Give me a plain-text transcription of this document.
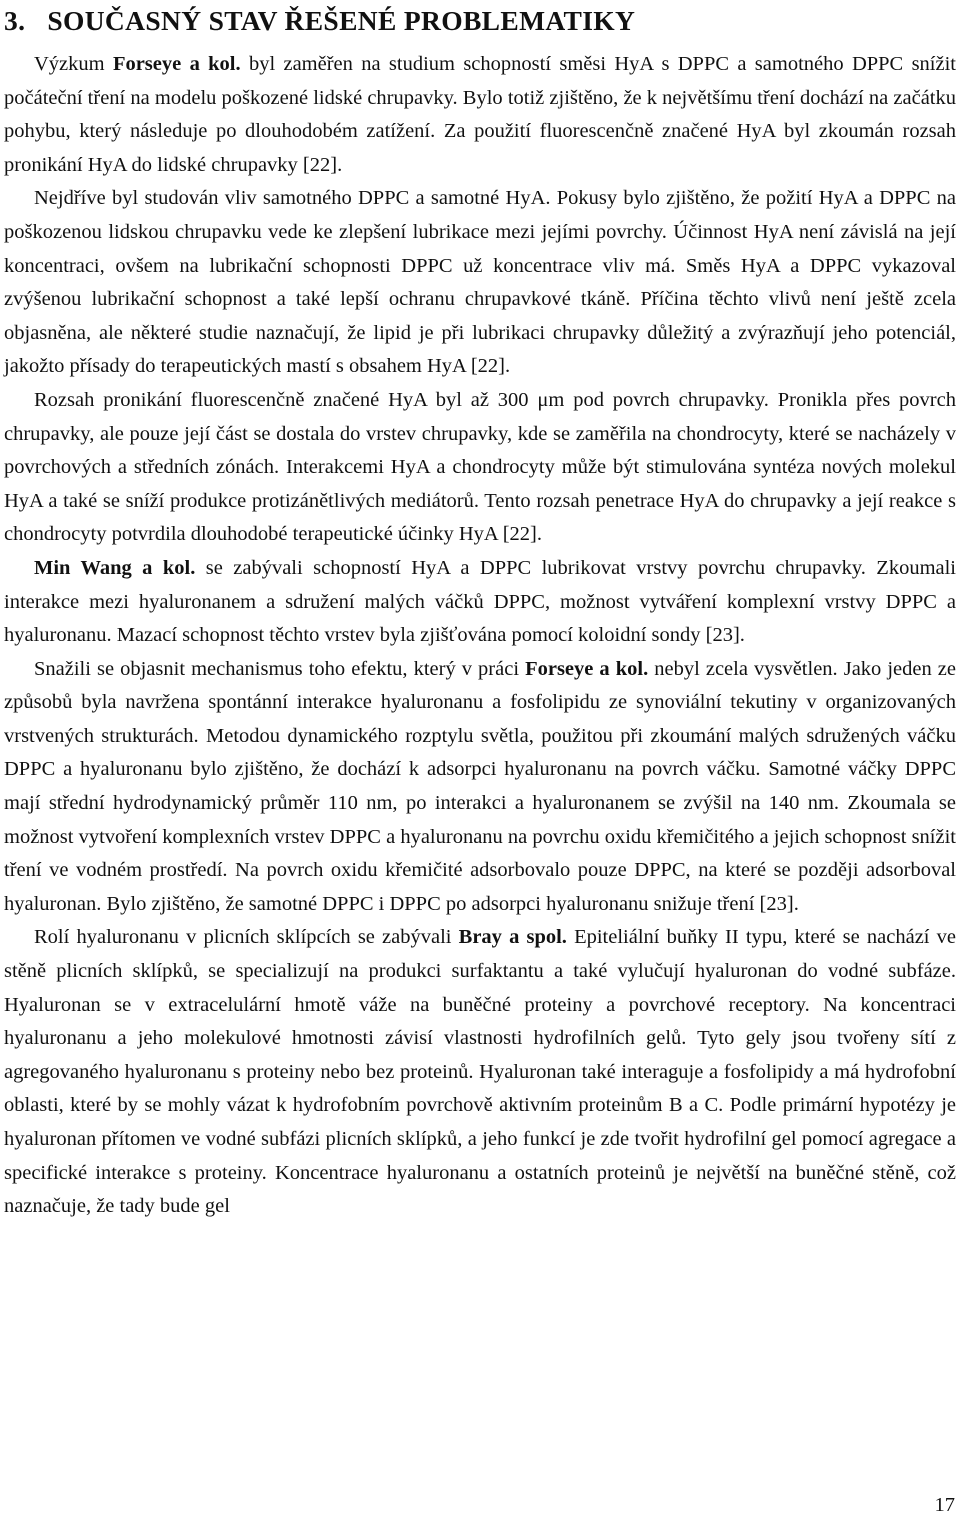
3. SOUČASNÝ STAV ŘEŠENÉ PROBLEMATIKY

Výzkum Forseye a kol. byl zaměřen na studium schopností směsi HyA s DPPC a samotného DPPC snížit počáteční tření na modelu poškozené lidské chrupavky. Bylo totiž zjištěno, že k největšímu tření dochází na začátku pohybu, který následuje po dlouhodobém zatížení. Za použití fluorescenčně značené HyA byl zkoumán rozsah pronikání HyA do lidské chrupavky [22].

Nejdříve byl studován vliv samotného DPPC a samotné HyA. Pokusy bylo zjištěno, že požití HyA a DPPC na poškozenou lidskou chrupavku vede ke zlepšení lubrikace mezi jejími povrchy. Účinnost HyA není závislá na její koncentraci, ovšem na lubrikační schopnosti DPPC už koncentrace vliv má. Směs HyA a DPPC vykazoval zvýšenou lubrikační schopnost a také lepší ochranu chrupavkové tkáně. Příčina těchto vlivů není ještě zcela objasněna, ale některé studie naznačují, že lipid je při lubrikaci chrupavky důležitý a zvýrazňují jeho potenciál, jakožto přísady do terapeutických mastí s obsahem HyA [22].

Rozsah pronikání fluorescenčně značené HyA byl až 300 μm pod povrch chrupavky. Pronikla přes povrch chrupavky, ale pouze její část se dostala do vrstev chrupavky, kde se zaměřila na chondrocyty, které se nacházely v povrchových a středních zónách. Interakcemi HyA a chondrocyty může být stimulována syntéza nových molekul HyA a také se sníží produkce protizánětlivých mediátorů. Tento rozsah penetrace HyA do chrupavky a její reakce s chondrocyty potvrdila dlouhodobé terapeutické účinky HyA [22].

Min Wang a kol. se zabývali schopností HyA a DPPC lubrikovat vrstvy povrchu chrupavky. Zkoumali interakce mezi hyaluronanem a sdružení malých váčků DPPC, možnost vytváření komplexní vrstvy DPPC a hyaluronanu. Mazací schopnost těchto vrstev byla zjišťována pomocí koloidní sondy [23].

Snažili se objasnit mechanismus toho efektu, který v práci Forseye a kol. nebyl zcela vysvětlen. Jako jeden ze způsobů byla navržena spontánní interakce hyaluronanu a fosfolipidu ze synoviální tekutiny v organizovaných vrstvených strukturách. Metodou dynamického rozptylu světla, použitou při zkoumání malých sdružených váčku DPPC a hyaluronanu bylo zjištěno, že dochází k adsorpci hyaluronanu na povrch váčku. Samotné váčky DPPC mají střední hydrodynamický průměr 110 nm, po interakci a hyaluronanem se zvýšil na 140 nm. Zkoumala se možnost vytvoření komplexních vrstev DPPC a hyaluronanu na povrchu oxidu křemičitého a jejich schopnost snížit tření ve vodném prostředí. Na povrch oxidu křemičité adsorbovalo pouze DPPC, na které se později adsorboval hyaluronan. Bylo zjištěno, že samotné DPPC i DPPC po adsorpci hyaluronanu snižuje tření [23].

Rolí hyaluronanu v plicních sklípcích se zabývali Bray a spol. Epiteliální buňky II typu, které se nachází ve stěně plicních sklípků, se specializují na produkci surfaktantu a také vylučují hyaluronan do vodné subfáze. Hyaluronan se v extracelulární hmotě váže na buněčné proteiny a povrchové receptory. Na koncentraci hyaluronanu a jeho molekulové hmotnosti závisí vlastnosti hydrofilních gelů. Tyto gely jsou tvořeny sítí z agregovaného hyaluronanu s proteiny nebo bez proteinů. Hyaluronan také interaguje a fosfolipidy a má hydrofobní oblasti, které by se mohly vázat k hydrofobním povrchově aktivním proteinům B a C. Podle primární hypotézy je hyaluronan přítomen ve vodné subfázi plicních sklípků, a jeho funkcí je zde tvořit hydrofilní gel pomocí agregace a specifické interakce s proteiny. Koncentrace hyaluronanu a ostatních proteinů je největší na buněčné stěně, což naznačuje, že tady bude gel

17
